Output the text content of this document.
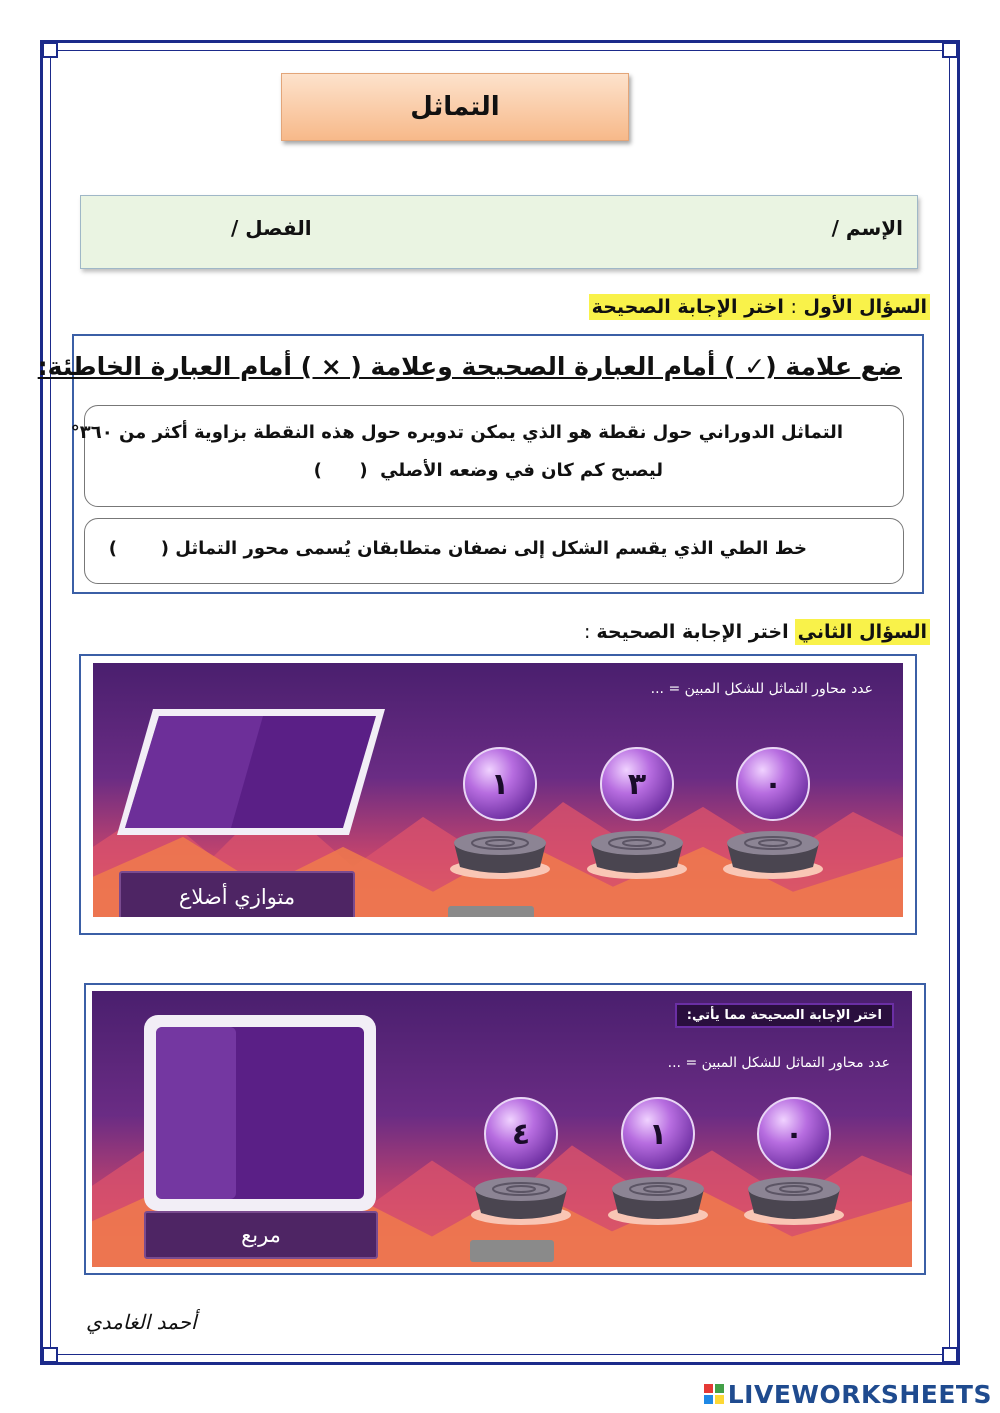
التماثل
الإسم /
الفصل /
السؤال الأول : اختر الإجابة الصحيحة
ضع علامة (✓ ) أمام العبارة الصحيحة وعلامة ( × ) أمام العبارة الخاطئة:
التماثل الدوراني حول نقطة هو الذي يمكن تدويره حول هذه النقطة بزاوية أكثر من ٣٦٠°
ليصبح كم كان في وضعه الأصلي  (      )
خط الطي الذي يقسم الشكل إلى نصفان متطابقان يُسمى محور التماثل (       )
السؤال الثاني
اختر الإجابة الصحيحة
:
عدد محاور التماثل للشكل المبين = ...
متوازي أضلاع
١	٣	٠
اختر الإجابة الصحيحة مما يأتي:
عدد محاور التماثل للشكل المبين = ...
مربع
٤	١	٠
أحمد الغامدي
LIVEWORKSHEETS
